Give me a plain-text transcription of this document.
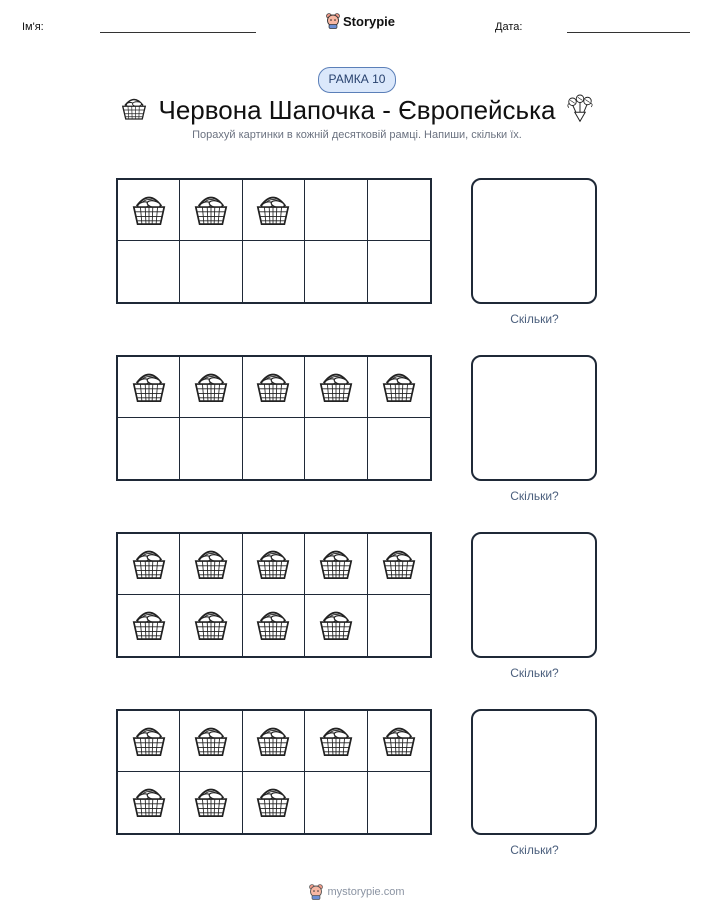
Ім'я:	Storypie	Дата:
РАМКА 10
Червона Шапочка - Європейська
Порахуй картинки в кожній десятковій рамці. Напиши, скільки їх.
Скільки?
Скільки?
Скільки?
Скільки?
mystorypie.com
